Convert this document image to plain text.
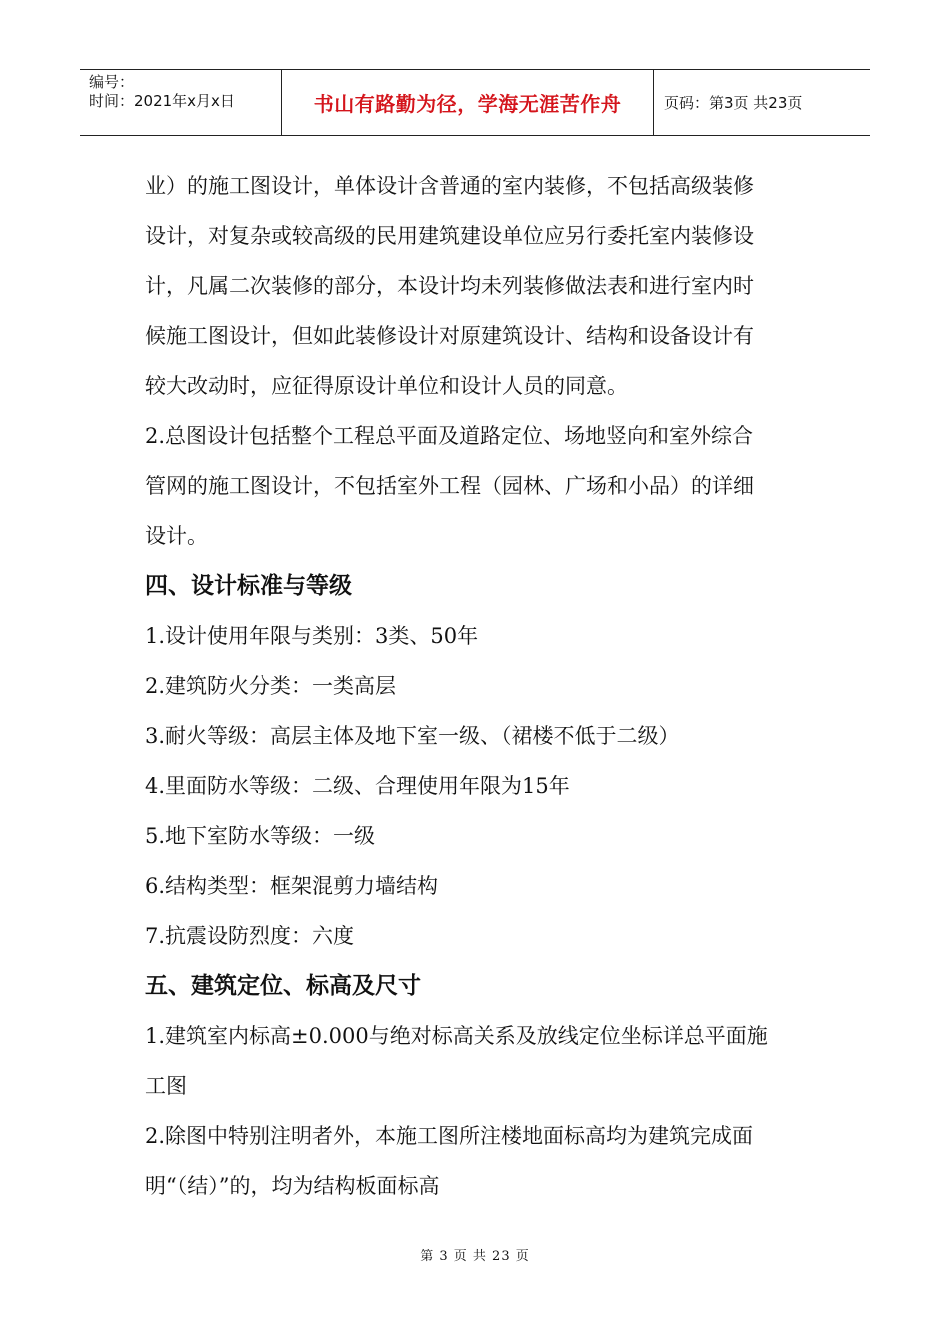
编号：
时间：2021年x月x日	书山有路勤为径，学海无涯苦作舟	页码：第3页 共23页
业）的施工图设计，单体设计含普通的室内装修，不包括高级装修
设计，对复杂或较高级的民用建筑建设单位应另行委托室内装修设
计，凡属二次装修的部分，本设计均未列装修做法表和进行室内时
候施工图设计，但如此装修设计对原建筑设计、结构和设备设计有
较大改动时，应征得原设计单位和设计人员的同意。
2.总图设计包括整个工程总平面及道路定位、场地竖向和室外综合
管网的施工图设计，不包括室外工程（园林、广场和小品）的详细
设计。
四、设计标准与等级
1.设计使用年限与类别：3类、50年
2.建筑防火分类：一类高层
3.耐火等级：高层主体及地下室一级、（裙楼不低于二级）
4.里面防水等级：二级、合理使用年限为15年
5.地下室防水等级：一级
6.结构类型：框架混剪力墙结构
7.抗震设防烈度：六度
五、建筑定位、标高及尺寸
1.建筑室内标高±0.000与绝对标高关系及放线定位坐标详总平面施
工图
2.除图中特别注明者外，本施工图所注楼地面标高均为建筑完成面
明“（结）”的，均为结构板面标高
第 3 页 共 23 页
